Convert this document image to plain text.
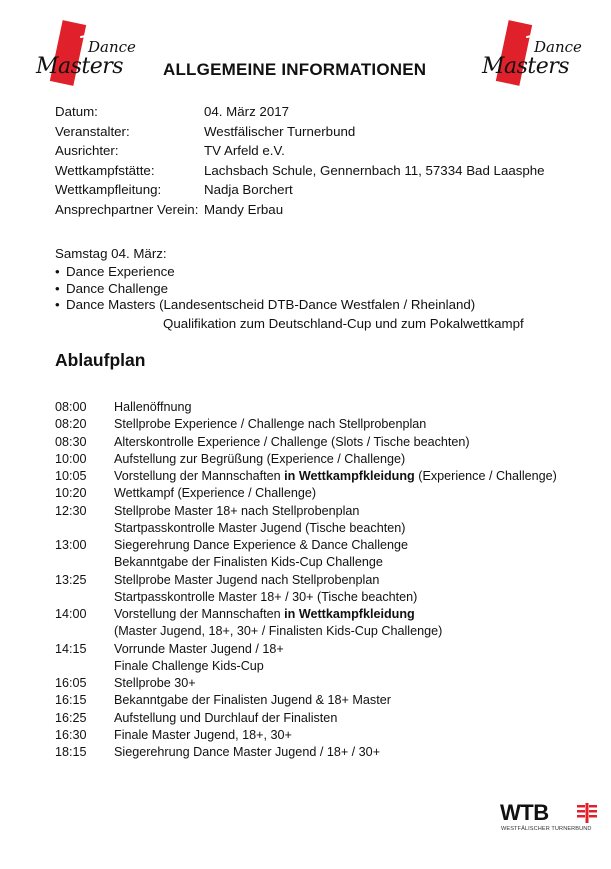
Dance
Masters ALLGEMEINE INFORMATIONEN
Dance
Masters
Datum:	04. März 2017
Veranstalter:	Westfälischer Turnerbund
Ausrichter:	TV Arfeld e.V.
Wettkampfstätte:	Lachsbach Schule, Gennernbach 11, 57334 Bad Laasphe
Wettkampfleitung:	Nadja Borchert
Ansprechpartner Verein: Mandy Erbau
Samstag 04. März:
• Dance Experience
• Dance Challenge
• Dance Masters (Landesentscheid DTB-Dance Westfalen / Rheinland)
Qualifikation zum Deutschland-Cup und zum Pokalwettkampf
Ablaufplan
08:00 Hallenöffnung
08:20 Stellprobe Experience / Challenge nach Stellprobenplan
08:30 Alterskontrolle Experience / Challenge (Slots / Tische beachten)
10:00 Aufstellung zur Begrüßung (Experience / Challenge)
10:05 Vorstellung der Mannschaften in Wettkampfkleidung (Experience / Challenge)
10:20 Wettkampf (Experience / Challenge)
12:30 Stellprobe Master 18+ nach Stellprobenplan
Startpasskontrolle Master Jugend (Tische beachten)
13:00 Siegerehrung Dance Experience & Dance Challenge
Bekanntgabe der Finalisten Kids-Cup Challenge
13:25 Stellprobe Master Jugend nach Stellprobenplan
Startpasskontrolle Master 18+ / 30+ (Tische beachten)
14:00 Vorstellung der Mannschaften in Wettkampfkleidung
(Master Jugend, 18+, 30+ / Finalisten Kids-Cup Challenge)
14:15 Vorrunde Master Jugend / 18+
Finale Challenge Kids-Cup
16:05 Stellprobe 30+
16:15 Bekanntgabe der Finalisten Jugend & 18+ Master
16:25 Aufstellung und Durchlauf der Finalisten
16:30 Finale Master Jugend, 18+, 30+
18:15 Siegerehrung Dance Master Jugend / 18+ / 30+
WTB
WESTFÄLISCHER TURNERBUND
